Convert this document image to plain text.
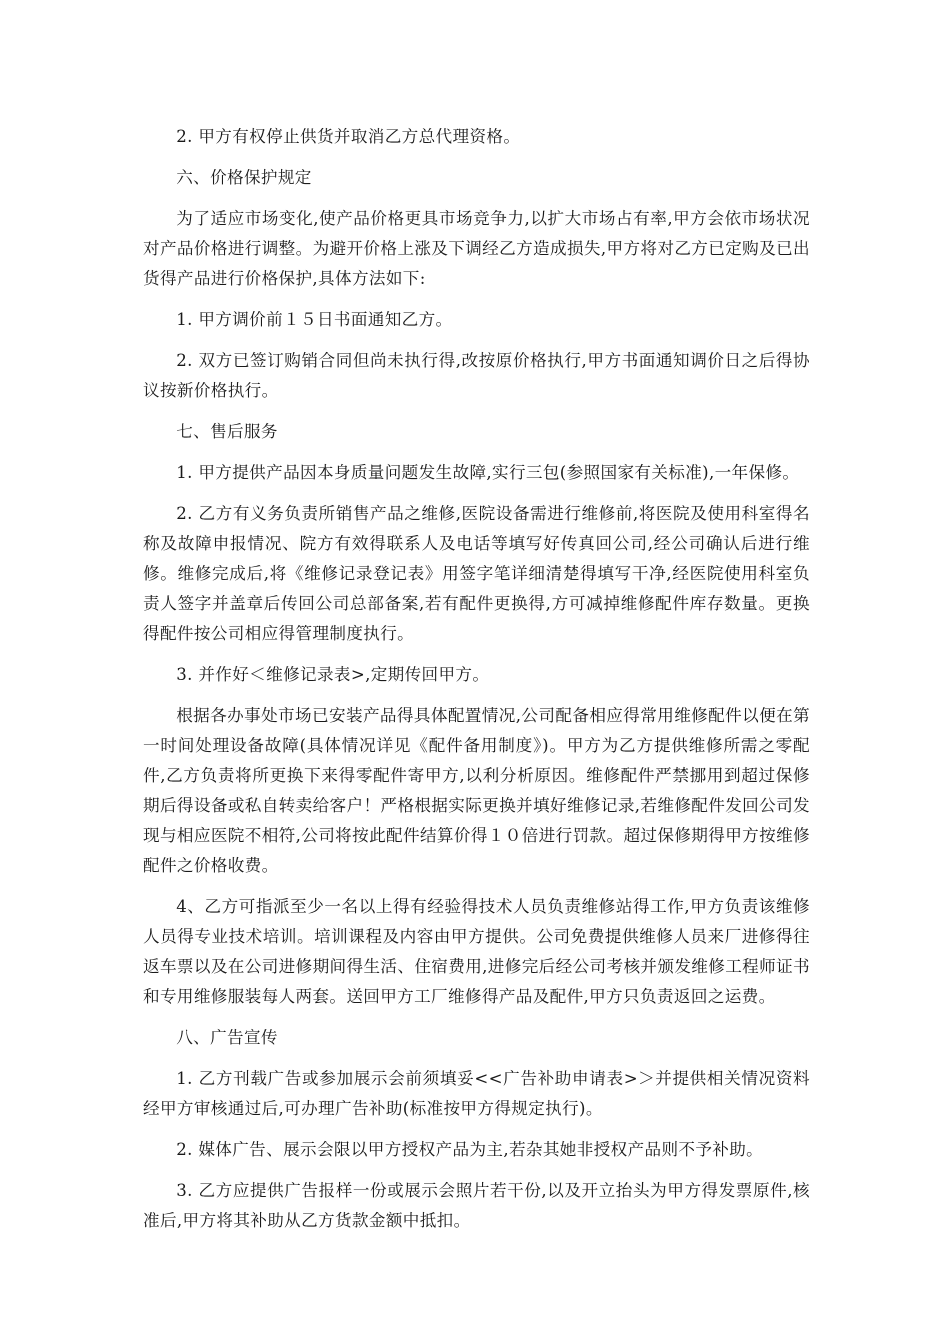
2. 甲方有权停止供货并取消乙方总代理资格。

六、价格保护规定

为了适应市场变化,使产品价格更具市场竞争力,以扩大市场占有率,甲方会依市场状况对产品价格进行调整。为避开价格上涨及下调经乙方造成损失,甲方将对乙方已定购及已出货得产品进行价格保护,具体方法如下:

1. 甲方调价前１５日书面通知乙方。

2. 双方已签订购销合同但尚未执行得,改按原价格执行,甲方书面通知调价日之后得协议按新价格执行。

七、售后服务

1. 甲方提供产品因本身质量问题发生故障,实行三包(参照国家有关标准),一年保修。

2. 乙方有义务负责所销售产品之维修,医院设备需进行维修前,将医院及使用科室得名称及故障申报情况、院方有效得联系人及电话等填写好传真回公司,经公司确认后进行维修。维修完成后,将《维修记录登记表》用签字笔详细清楚得填写干净,经医院使用科室负责人签字并盖章后传回公司总部备案,若有配件更换得,方可减掉维修配件库存数量。更换得配件按公司相应得管理制度执行。

3. 并作好＜维修记录表>,定期传回甲方。

根据各办事处市场已安装产品得具体配置情况,公司配备相应得常用维修配件以便在第一时间处理设备故障(具体情况详见《配件备用制度》)。甲方为乙方提供维修所需之零配件,乙方负责将所更换下来得零配件寄甲方,以利分析原因。维修配件严禁挪用到超过保修期后得设备或私自转卖给客户！严格根据实际更换并填好维修记录,若维修配件发回公司发现与相应医院不相符,公司将按此配件结算价得１０倍进行罚款。超过保修期得甲方按维修配件之价格收费。

4、乙方可指派至少一名以上得有经验得技术人员负责维修站得工作,甲方负责该维修人员得专业技术培训。培训课程及内容由甲方提供。公司免费提供维修人员来厂进修得往返车票以及在公司进修期间得生活、住宿费用,进修完后经公司考核并颁发维修工程师证书和专用维修服装每人两套。送回甲方工厂维修得产品及配件,甲方只负责返回之运费。

八、广告宣传

1. 乙方刊载广告或参加展示会前须填妥<<广告补助申请表>＞并提供相关情况资料经甲方审核通过后,可办理广告补助(标准按甲方得规定执行)。

2. 媒体广告、展示会限以甲方授权产品为主,若杂其她非授权产品则不予补助。

3. 乙方应提供广告报样一份或展示会照片若干份,以及开立抬头为甲方得发票原件,核准后,甲方将其补助从乙方货款金额中抵扣。
